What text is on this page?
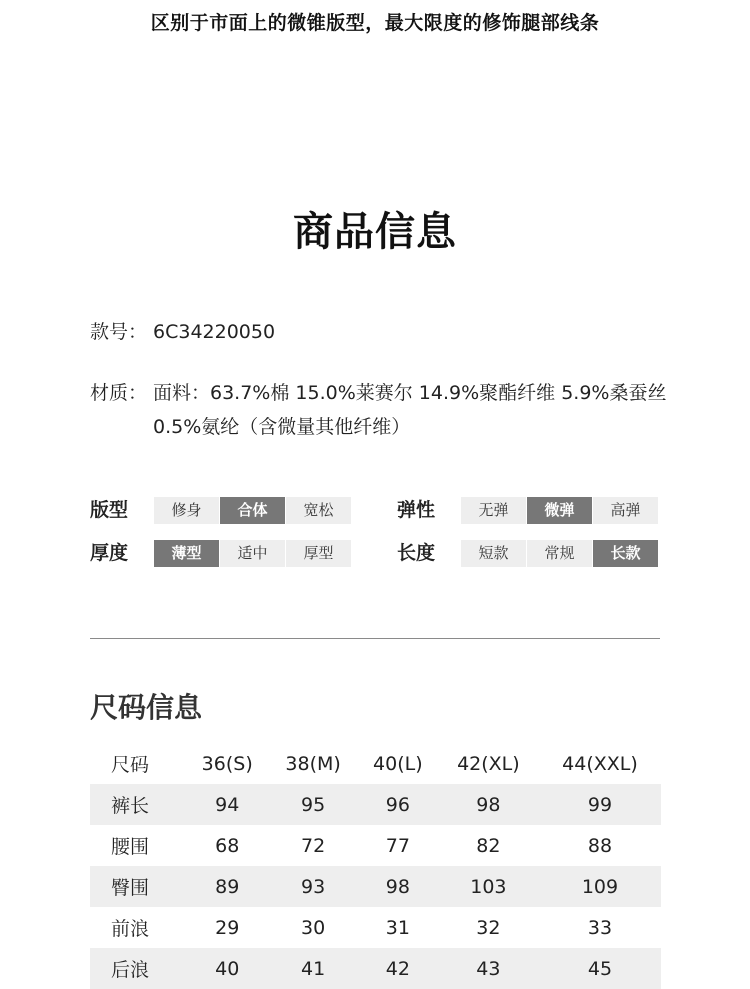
区别于市面上的微锥版型，最大限度的修饰腿部线条
商品信息
款号： 6C34220050
材质： 面料：63.7%棉 15.0%莱赛尔 14.9%聚酯纤维 5.9%桑蚕丝 0.5%氨纶（含微量其他纤维）
版型	修身	合体	宽松	弹性	无弹	微弹	高弹
厚度	薄型	适中	厚型	长度	短款	常规	长款
尺码信息
尺码	36(S)	38(M)	40(L)	42(XL)	44(XXL)
裤长	94	95	96	98	99
腰围	68	72	77	82	88
臀围	89	93	98	103	109
前浪	29	30	31	32	33
后浪	40	41	42	43	45
